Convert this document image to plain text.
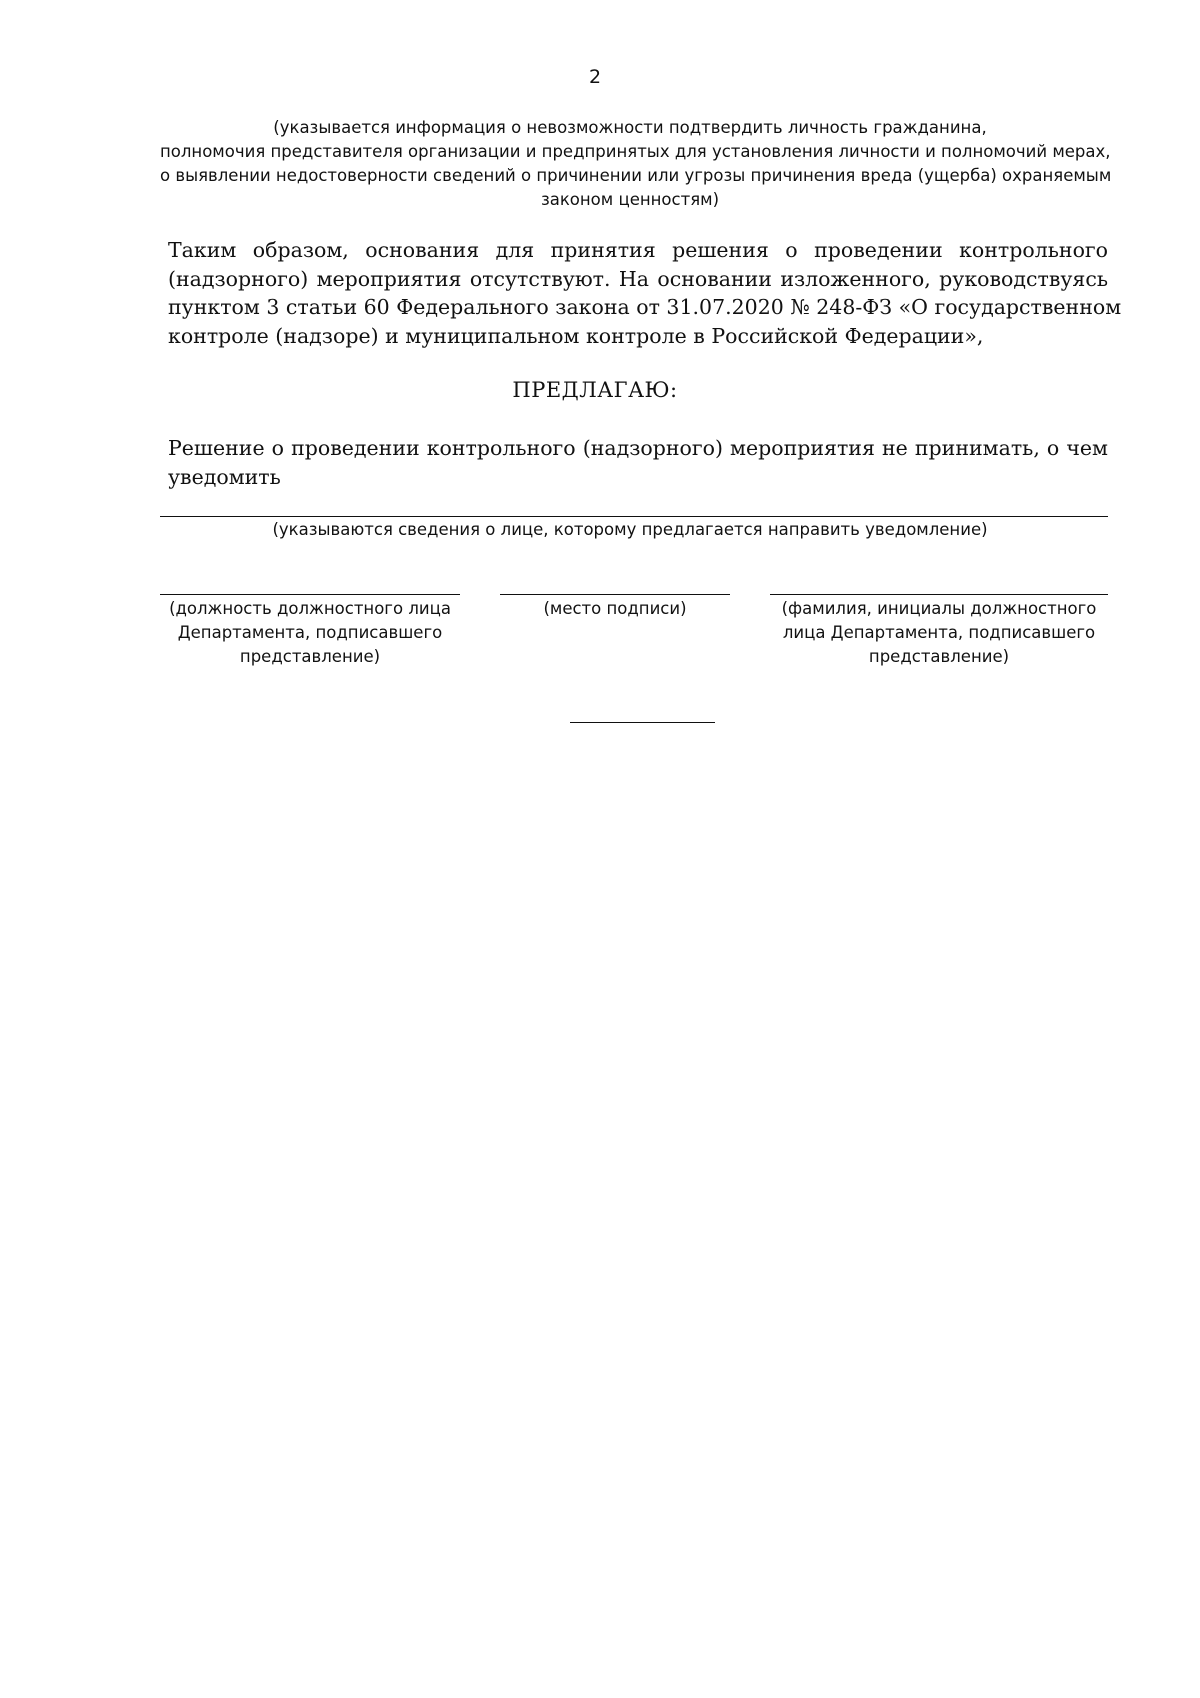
2
(указывается информация о невозможности подтвердить личность гражданина,
полномочия представителя организации и предпринятых для установления личности и полномочий мерах,
о выявлении недостоверности сведений о причинении или угрозы причинения вреда (ущерба) охраняемым
законом ценностям)
Таким образом, основания для принятия решения о проведении контрольного
(надзорного) мероприятия отсутствуют. На основании изложенного, руководствуясь
пунктом 3 статьи 60 Федерального закона от 31.07.2020 № 248-ФЗ «О государственном
контроле (надзоре) и муниципальном контроле в Российской Федерации»,
ПРЕДЛАГАЮ:
Решение о проведении контрольного (надзорного) мероприятия не принимать, о чем
уведомить
(указываются сведения о лице, которому предлагается направить уведомление)
(должность должностного лица
Департамента, подписавшего
представление)
(место подписи)	(фамилия, инициалы должностного
лица Департамента, подписавшего
представление)
